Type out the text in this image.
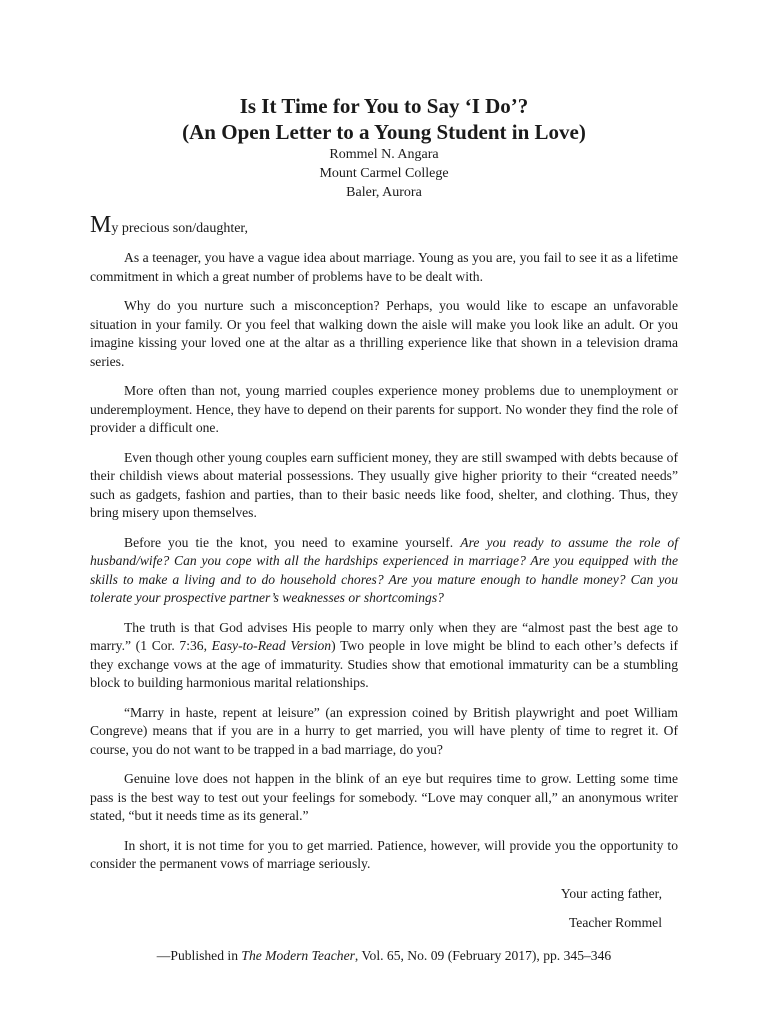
Is It Time for You to Say ‘I Do’?
(An Open Letter to a Young Student in Love)

Rommel N. Angara

Mount Carmel College

Baler, Aurora

My precious son/daughter,

As a teenager, you have a vague idea about marriage. Young as you are, you fail to see it as a lifetime commitment in which a great number of problems have to be dealt with.

Why do you nurture such a misconception? Perhaps, you would like to escape an unfavorable situation in your family. Or you feel that walking down the aisle will make you look like an adult. Or you imagine kissing your loved one at the altar as a thrilling experience like that shown in a television drama series.

More often than not, young married couples experience money problems due to unemployment or underemployment. Hence, they have to depend on their parents for support. No wonder they find the role of provider a difficult one.

Even though other young couples earn sufficient money, they are still swamped with debts because of their childish views about material possessions. They usually give higher priority to their “created needs” such as gadgets, fashion and parties, than to their basic needs like food, shelter, and clothing. Thus, they bring misery upon themselves.

Before you tie the knot, you need to examine yourself. Are you ready to assume the role of husband/wife? Can you cope with all the hardships experienced in marriage? Are you equipped with the skills to make a living and to do household chores? Are you mature enough to handle money? Can you tolerate your prospective partner’s weaknesses or shortcomings?

The truth is that God advises His people to marry only when they are “almost past the best age to marry.” (1 Cor. 7:36, Easy-to-Read Version) Two people in love might be blind to each other’s defects if they exchange vows at the age of immaturity. Studies show that emotional immaturity can be a stumbling block to building harmonious marital relationships.

“Marry in haste, repent at leisure” (an expression coined by British playwright and poet William Congreve) means that if you are in a hurry to get married, you will have plenty of time to regret it. Of course, you do not want to be trapped in a bad marriage, do you?

Genuine love does not happen in the blink of an eye but requires time to grow. Letting some time pass is the best way to test out your feelings for somebody. “Love may conquer all,” an anonymous writer stated, “but it needs time as its general.”

In short, it is not time for you to get married. Patience, however, will provide you the opportunity to consider the permanent vows of marriage seriously.

Your acting father,
Teacher Rommel

—Published in The Modern Teacher, Vol. 65, No. 09 (February 2017), pp. 345–346
